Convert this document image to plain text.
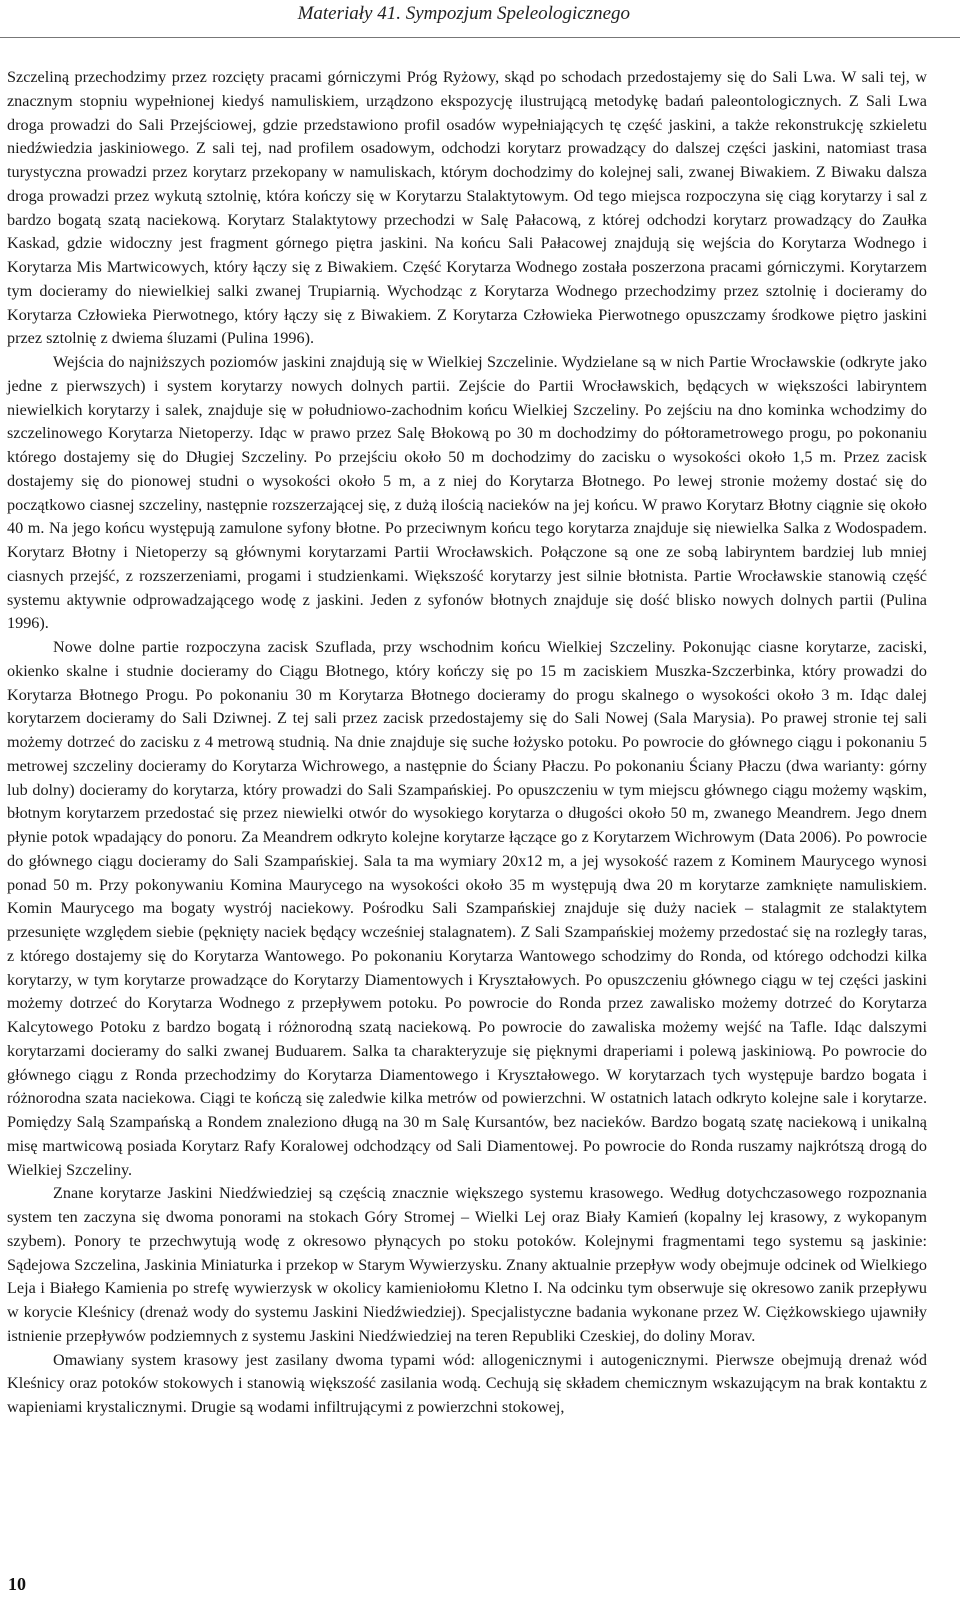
Materiały 41. Sympozjum Speleologicznego

Szczeliną przechodzimy przez rozcięty pracami górniczymi Próg Ryżowy, skąd po schodach przedostajemy się do Sali Lwa. W sali tej, w znacznym stopniu wypełnionej kiedyś namuliskiem, urządzono ekspozycję ilustrującą metodykę badań paleontologicznych. Z Sali Lwa droga prowadzi do Sali Przejściowej, gdzie przedstawiono profil osadów wypełniających tę część jaskini, a także rekonstrukcję szkieletu niedźwiedzia jaskiniowego. Z sali tej, nad profilem osadowym, odchodzi korytarz prowadzący do dalszej części jaskini, natomiast trasa turystyczna prowadzi przez korytarz przekopany w namuliskach, którym dochodzimy do kolejnej sali, zwanej Biwakiem. Z Biwaku dalsza droga prowadzi przez wykutą sztolnię, która kończy się w Korytarzu Stalaktytowym. Od tego miejsca rozpoczyna się ciąg korytarzy i sal z bardzo bogatą szatą naciekową. Korytarz Stalaktytowy przechodzi w Salę Pałacową, z której odchodzi korytarz prowadzący do Zaułka Kaskad, gdzie widoczny jest fragment górnego piętra jaskini. Na końcu Sali Pałacowej znajdują się wejścia do Korytarza Wodnego i Korytarza Mis Martwicowych, który łączy się z Biwakiem. Część Korytarza Wodnego została poszerzona pracami górniczymi. Korytarzem tym docieramy do niewielkiej salki zwanej Trupiarnią. Wychodząc z Korytarza Wodnego przechodzimy przez sztolnię i docieramy do Korytarza Człowieka Pierwotnego, który łączy się z Biwakiem. Z Korytarza Człowieka Pierwotnego opuszczamy środkowe piętro jaskini przez sztolnię z dwiema śluzami (Pulina 1996).

Wejścia do najniższych poziomów jaskini znajdują się w Wielkiej Szczelinie. Wydzielane są w nich Partie Wrocławskie (odkryte jako jedne z pierwszych) i system korytarzy nowych dolnych partii. Zejście do Partii Wrocławskich, będących w większości labiryntem niewielkich korytarzy i salek, znajduje się w południowo-zachodnim końcu Wielkiej Szczeliny. Po zejściu na dno kominka wchodzimy do szczelinowego Korytarza Nietoperzy. Idąc w prawo przez Salę Błokową po 30 m dochodzimy do półtorametrowego progu, po pokonaniu którego dostajemy się do Długiej Szczeliny. Po przejściu około 50 m dochodzimy do zacisku o wysokości około 1,5 m. Przez zacisk dostajemy się do pionowej studni o wysokości około 5 m, a z niej do Korytarza Błotnego. Po lewej stronie możemy dostać się do początkowo ciasnej szczeliny, następnie rozszerzającej się, z dużą ilością nacieków na jej końcu. W prawo Korytarz Błotny ciągnie się około 40 m. Na jego końcu występują zamulone syfony błotne. Po przeciwnym końcu tego korytarza znajduje się niewielka Salka z Wodospadem. Korytarz Błotny i Nietoperzy są głównymi korytarzami Partii Wrocławskich. Połączone są one ze sobą labiryntem bardziej lub mniej ciasnych przejść, z rozszerzeniami, progami i studzienkami. Większość korytarzy jest silnie błotnista. Partie Wrocławskie stanowią część systemu aktywnie odprowadzającego wodę z jaskini. Jeden z syfonów błotnych znajduje się dość blisko nowych dolnych partii (Pulina 1996).

Nowe dolne partie rozpoczyna zacisk Szuflada, przy wschodnim końcu Wielkiej Szczeliny. Pokonując ciasne korytarze, zaciski, okienko skalne i studnie docieramy do Ciągu Błotnego, który kończy się po 15 m zaciskiem Muszka-Szczerbinka, który prowadzi do Korytarza Błotnego Progu. Po pokonaniu 30 m Korytarza Błotnego docieramy do progu skalnego o wysokości około 3 m. Idąc dalej korytarzem docieramy do Sali Dziwnej. Z tej sali przez zacisk przedostajemy się do Sali Nowej (Sala Marysia). Po prawej stronie tej sali możemy dotrzeć do zacisku z 4 metrową studnią. Na dnie znajduje się suche łożysko potoku. Po powrocie do głównego ciągu i pokonaniu 5 metrowej szczeliny docieramy do Korytarza Wichrowego, a następnie do Ściany Płaczu. Po pokonaniu Ściany Płaczu (dwa warianty: górny lub dolny) docieramy do korytarza, który prowadzi do Sali Szampańskiej. Po opuszczeniu w tym miejscu głównego ciągu możemy wąskim, błotnym korytarzem przedostać się przez niewielki otwór do wysokiego korytarza o długości około 50 m, zwanego Meandrem. Jego dnem płynie potok wpadający do ponoru. Za Meandrem odkryto kolejne korytarze łączące go z Korytarzem Wichrowym (Data 2006). Po powrocie do głównego ciągu docieramy do Sali Szampańskiej. Sala ta ma wymiary 20x12 m, a jej wysokość razem z Kominem Maurycego wynosi ponad 50 m. Przy pokonywaniu Komina Maurycego na wysokości około 35 m występują dwa 20 m korytarze zamknięte namuliskiem. Komin Maurycego ma bogaty wystrój naciekowy. Pośrodku Sali Szampańskiej znajduje się duży naciek – stalagmit ze stalaktytem przesunięte względem siebie (pęknięty naciek będący wcześniej stalagnatem). Z Sali Szampańskiej możemy przedostać się na rozległy taras, z którego dostajemy się do Korytarza Wantowego. Po pokonaniu Korytarza Wantowego schodzimy do Ronda, od którego odchodzi kilka korytarzy, w tym korytarze prowadzące do Korytarzy Diamentowych i Kryształowych. Po opuszczeniu głównego ciągu w tej części jaskini możemy dotrzeć do Korytarza Wodnego z przepływem potoku. Po powrocie do Ronda przez zawalisko możemy dotrzeć do Korytarza Kalcytowego Potoku z bardzo bogatą i różnorodną szatą naciekową. Po powrocie do zawaliska możemy wejść na Tafle. Idąc dalszymi korytarzami docieramy do salki zwanej Buduarem. Salka ta charakteryzuje się pięknymi draperiami i polewą jaskiniową. Po powrocie do głównego ciągu z Ronda przechodzimy do Korytarza Diamentowego i Kryształowego. W korytarzach tych występuje bardzo bogata i różnorodna szata naciekowa. Ciągi te kończą się zaledwie kilka metrów od powierzchni. W ostatnich latach odkryto kolejne sale i korytarze. Pomiędzy Salą Szampańską a Rondem znaleziono długą na 30 m Salę Kursantów, bez nacieków. Bardzo bogatą szatę naciekową i unikalną misę martwicową posiada Korytarz Rafy Koralowej odchodzący od Sali Diamentowej. Po powrocie do Ronda ruszamy najkrótszą drogą do Wielkiej Szczeliny.

Znane korytarze Jaskini Niedźwiedziej są częścią znacznie większego systemu krasowego. Według dotychczasowego rozpoznania system ten zaczyna się dwoma ponorami na stokach Góry Stromej – Wielki Lej oraz Biały Kamień (kopalny lej krasowy, z wykopanym szybem). Ponory te przechwytują wodę z okresowo płynących po stoku potoków. Kolejnymi fragmentami tego systemu są jaskinie: Sądejowa Szczelina, Jaskinia Miniaturka i przekop w Starym Wywierzysku. Znany aktualnie przepływ wody obejmuje odcinek od Wielkiego Leja i Białego Kamienia po strefę wywierzysk w okolicy kamieniołomu Kletno I. Na odcinku tym obserwuje się okresowo zanik przepływu w korycie Kleśnicy (drenaż wody do systemu Jaskini Niedźwiedziej). Specjalistyczne badania wykonane przez W. Ciężkowskiego ujawniły istnienie przepływów podziemnych z systemu Jaskini Niedźwiedziej na teren Republiki Czeskiej, do doliny Morav.

Omawiany system krasowy jest zasilany dwoma typami wód: allogenicznymi i autogenicznymi. Pierwsze obejmują drenaż wód Kleśnicy oraz potoków stokowych i stanowią większość zasilania wodą. Cechują się składem chemicznym wskazującym na brak kontaktu z wapieniami krystalicznymi. Drugie są wodami infiltrującymi z powierzchni stokowej,

10
